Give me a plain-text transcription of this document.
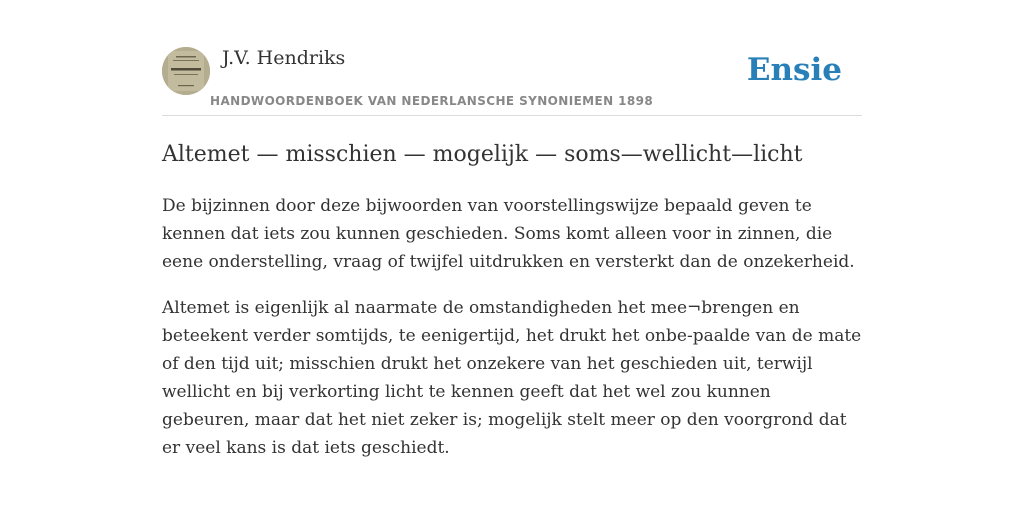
J.V. Hendriks

HANDWOORDENBOEK VAN NEDERLANSCHE SYNONIEMEN 1898
Ensie
Altemet — misschien — mogelijk — soms—wellicht—licht

De bijzinnen door deze bijwoorden van voorstellingswijze bepaald geven te kennen dat iets zou kunnen geschieden. Soms komt alleen voor in zinnen, die eene onderstelling, vraag of twijfel uitdrukken en versterkt dan de onzekerheid.

Altemet is eigenlijk al naarmate de omstandigheden het mee¬brengen en beteekent verder somtijds, te eenigertijd, het drukt het onbe-paalde van de mate of den tijd uit; misschien drukt het onzekere van het geschieden uit, terwijl wellicht en bij verkorting licht te kennen geeft dat het wel zou kunnen gebeuren, maar dat het niet zeker is; mogelijk stelt meer op den voorgrond dat er veel kans is dat iets geschiedt.
